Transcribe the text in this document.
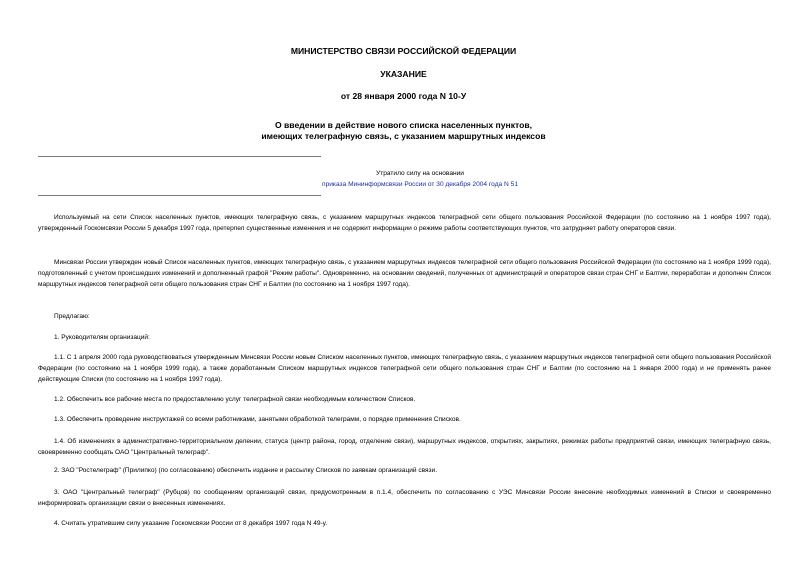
МИНИСТЕРСТВО СВЯЗИ РОССИЙСКОЙ ФЕДЕРАЦИИ
УКАЗАНИЕ
от 28 января 2000 года N 10-У
О введении в действие нового списка населенных пунктов,
имеющих телеграфную связь, с указанием маршрутных индексов
Утратило силу на основании
приказа Мининформсвязи России от 30 декабря 2004 года N 51
Используемый на сети Список населенных пунктов, имеющих телеграфную связь, с указанием маршрутных индексов телеграфной сети общего пользования Российской Федерации (по состоянию на 1 ноября 1997 года), утвержденный Госкомсвязи России 5 декабря 1997 года, претерпел существенные изменения и не содержит информации о режиме работы соответствующих пунктов, что затрудняет работу операторов связи.
Минсвязи России утвержден новый Список населенных пунктов, имеющих телеграфную связь, с указанием маршрутных индексов телеграфной сети общего пользования Российской Федерации (по состоянию на 1 ноября 1999 года), подготовленный с учетом происшедших изменений и дополненный графой "Режим работы". Одновременно, на основании сведений, полученных от администраций и операторов связи стран СНГ и Балтии, переработан и дополнен Список маршрутных индексов телеграфной сети общего пользования стран СНГ и Балтии (по состоянию на 1 ноября 1997 года).
Предлагаю:
1. Руководителям организаций:
1.1. С 1 апреля 2000 года руководствоваться утвержденным Минсвязи России новым Списком населенных пунктов, имеющих телеграфную связь, с указанием маршрутных индексов телеграфной сети общего пользования Российской Федерации (по состоянию на 1 ноября 1999 года), а также доработанным Списком маршрутных индексов телеграфной сети общего пользования стран СНГ и Балтии (по состоянию на 1 января 2000 года) и не применять ранее действующие Списки (по состоянию на 1 ноября 1997 года).
1.2. Обеспечить все рабочие места по предоставлению услуг телеграфной связи необходимым количеством Списков.
1.3. Обеспечить проведение инструктажей со всеми работниками, занятыми обработкой телеграмм, о порядке применения Списков.
1.4. Об изменениях в административно-территориальном делении, статуса (центр района, город, отделение связи), маршрутных индексов, открытиях, закрытиях, режимах работы предприятий связи, имеющих телеграфную связь, своевременно сообщать ОАО "Центральный телеграф".
2. ЗАО "Ростелеграф" (Прилипко) (по согласованию) обеспечить издание и рассылку Списков по заявкам организаций связи.
3. ОАО "Центральный телеграф" (Рубцов) по сообщениям организаций связи, предусмотренным в п.1.4, обеспечить по согласованию с УЭС Минсвязи России внесение необходимых изменений в Списки и своевременно информировать организации связи о внесенных изменениях.
4. Считать утратившим силу указание Госкомсвязи России от 8 декабря 1997 года N 49-у.
